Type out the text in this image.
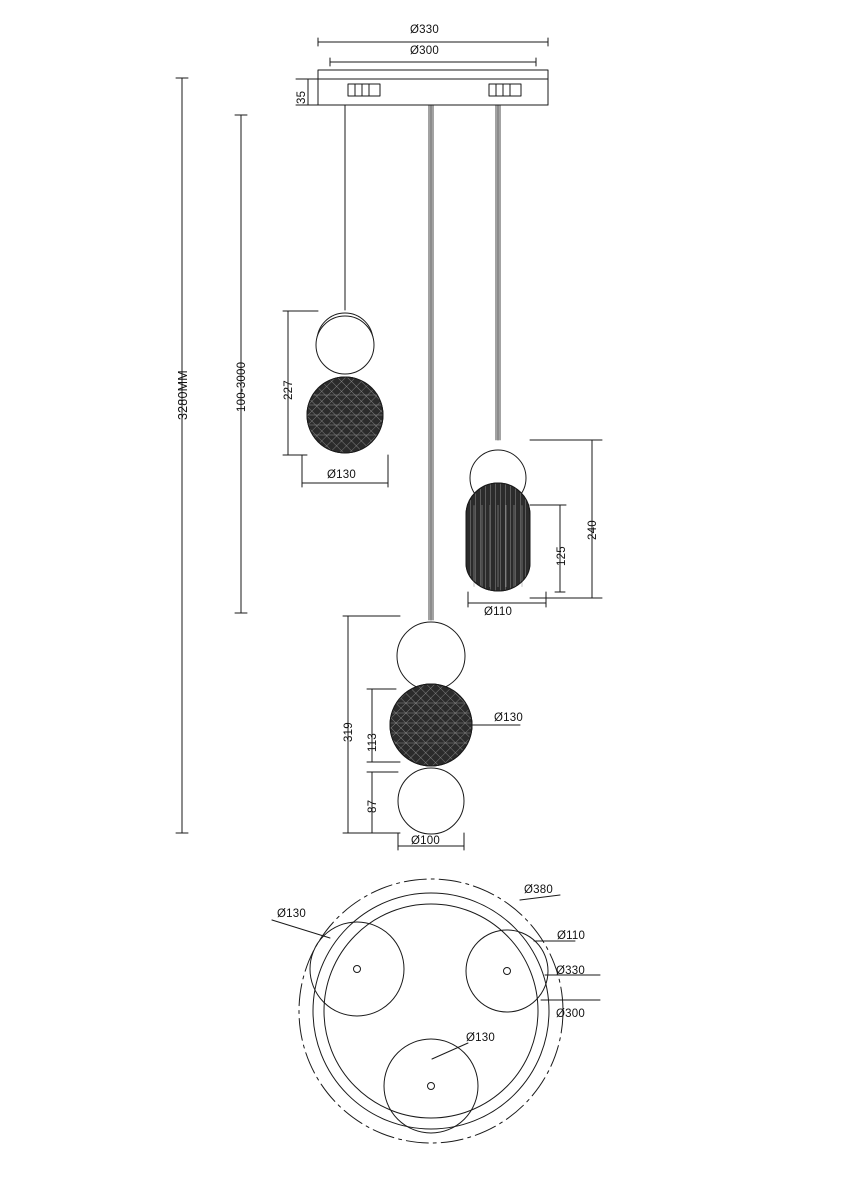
Ø330
Ø300
35
3280MM	100-3000	227
Ø130
240
125
Ø110
319
113
87
Ø130
Ø100
Ø380
Ø130
Ø110
Ø330
Ø300
Ø130
